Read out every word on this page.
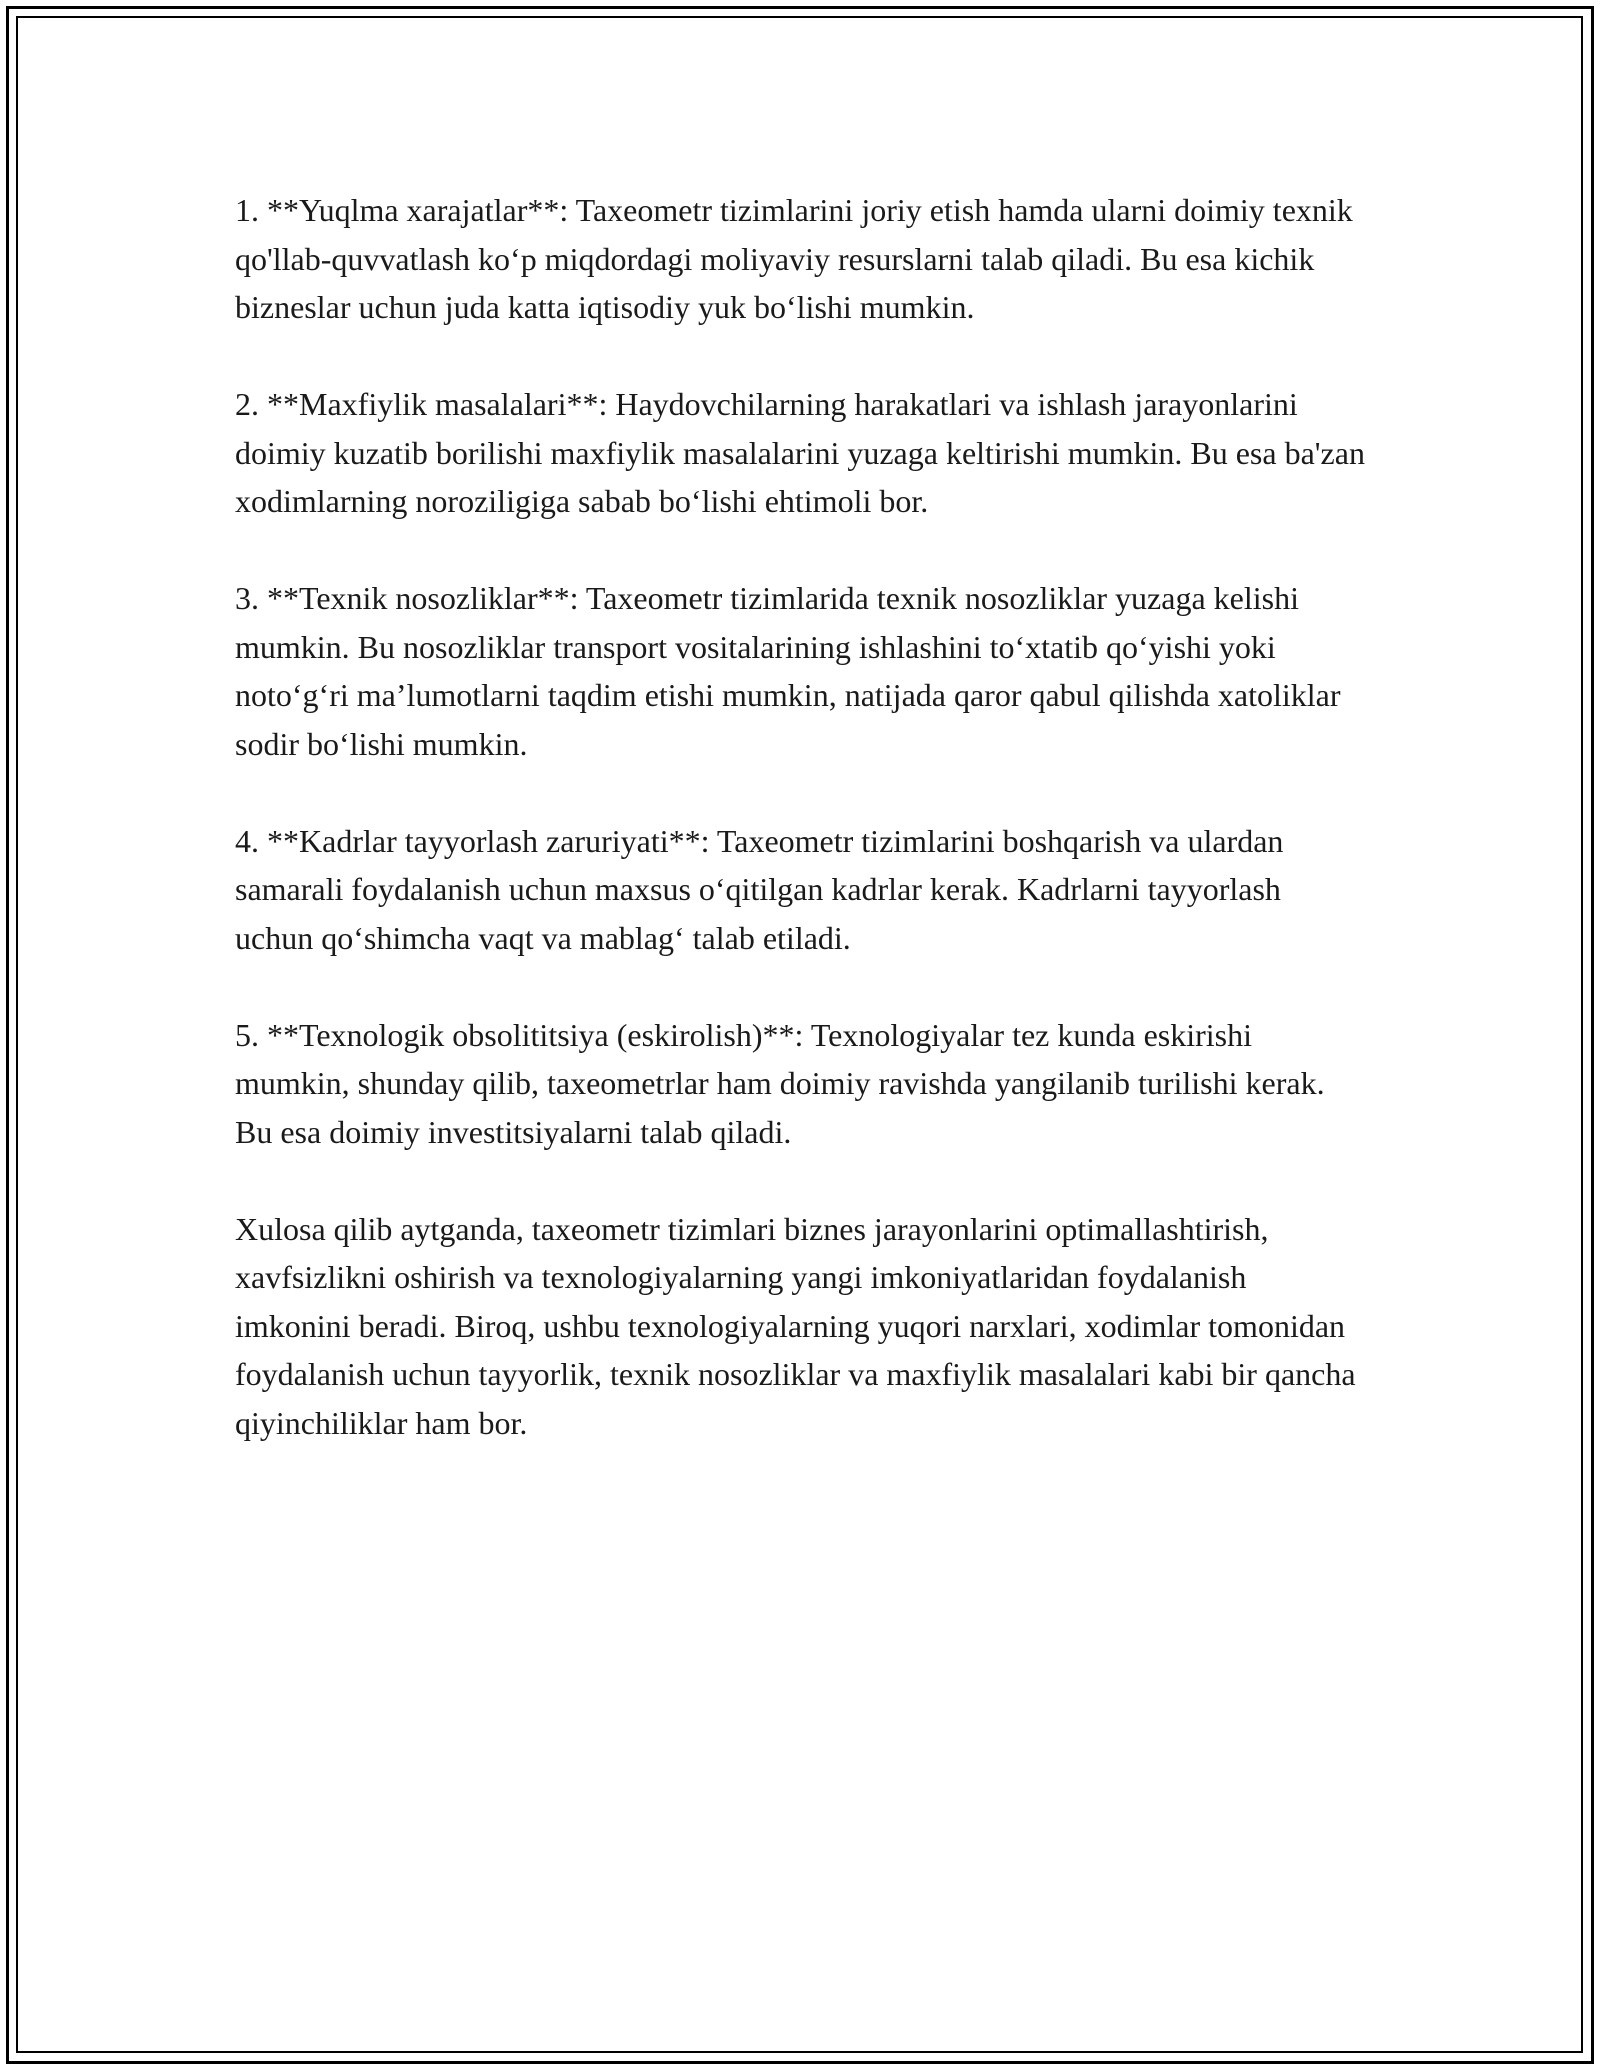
1. **Yuqlma xarajatlar**: Taxeometr tizimlarini joriy etish hamda ularni doimiy texnik qo'llab-quvvatlash ko‘p miqdordagi moliyaviy resurslarni talab qiladi. Bu esa kichik bizneslar uchun juda katta iqtisodiy yuk bo‘lishi mumkin.

2. **Maxfiylik masalalari**: Haydovchilarning harakatlari va ishlash jarayonlarini doimiy kuzatib borilishi maxfiylik masalalarini yuzaga keltirishi mumkin. Bu esa ba'zan xodimlarning noroziligiga sabab bo‘lishi ehtimoli bor.

3. **Texnik nosozliklar**: Taxeometr tizimlarida texnik nosozliklar yuzaga kelishi mumkin. Bu nosozliklar transport vositalarining ishlashini to‘xtatib qo‘yishi yoki noto‘g‘ri ma’lumotlarni taqdim etishi mumkin, natijada qaror qabul qilishda xatoliklar sodir bo‘lishi mumkin.

4. **Kadrlar tayyorlash zaruriyati**: Taxeometr tizimlarini boshqarish va ulardan samarali foydalanish uchun maxsus o‘qitilgan kadrlar kerak. Kadrlarni tayyorlash uchun qo‘shimcha vaqt va mablag‘ talab etiladi.

5. **Texnologik obsolititsiya (eskirolish)**: Texnologiyalar tez kunda eskirishi mumkin, shunday qilib, taxeometrlar ham doimiy ravishda yangilanib turilishi kerak. Bu esa doimiy investitsiyalarni talab qiladi.

Xulosa qilib aytganda, taxeometr tizimlari biznes jarayonlarini optimallashtirish, xavfsizlikni oshirish va texnologiyalarning yangi imkoniyatlaridan foydalanish imkonini beradi. Biroq, ushbu texnologiyalarning yuqori narxlari, xodimlar tomonidan foydalanish uchun tayyorlik, texnik nosozliklar va maxfiylik masalalari kabi bir qancha qiyinchiliklar ham bor.
